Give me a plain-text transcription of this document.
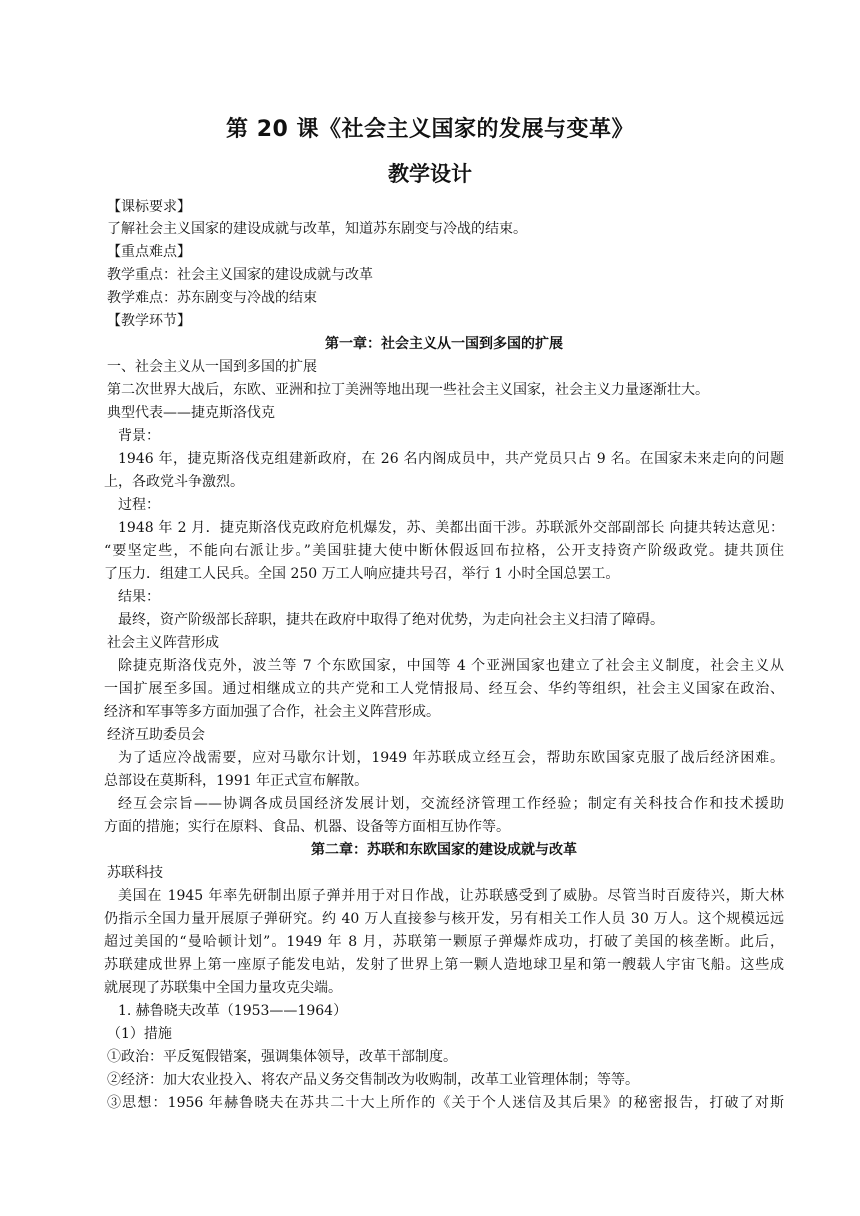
第 20 课《社会主义国家的发展与变革》
教学设计
【课标要求】
了解社会主义国家的建设成就与改革，知道苏东剧变与冷战的结束。
【重点难点】
教学重点：社会主义国家的建设成就与改革
教学难点：苏东剧变与冷战的结束
【教学环节】
第一章：社会主义从一国到多国的扩展
一、社会主义从一国到多国的扩展
第二次世界大战后，东欧、亚洲和拉丁美洲等地出现一些社会主义国家，社会主义力量逐渐壮大。
典型代表——捷克斯洛伐克
背景：
1946 年，捷克斯洛伐克组建新政府，在 26 名内阁成员中，共产党员只占 9 名。在国家未来走向的问题
上，各政党斗争激烈。
过程：
1948 年 2 月．捷克斯洛伐克政府危机爆发，苏、美都出面干涉。苏联派外交部副部长 向捷共转达意见：
“要坚定些，不能向右派让步。”美国驻捷大使中断休假返回布拉格，公开支持资产阶级政党。捷共顶住
了压力．组建工人民兵。全国 250 万工人响应捷共号召，举行 1 小时全国总罢工。
结果：
最终，资产阶级部长辞职，捷共在政府中取得了绝对优势，为走向社会主义扫清了障碍。
社会主义阵营形成
除捷克斯洛伐克外，波兰等 7 个东欧国家，中国等 4 个亚洲国家也建立了社会主义制度，社会主义从
一国扩展至多国。通过相继成立的共产党和工人党情报局、经互会、华约等组织，社会主义国家在政治、
经济和军事等多方面加强了合作，社会主义阵营形成。
经济互助委员会
为了适应冷战需要，应对马歇尔计划，1949 年苏联成立经互会，帮助东欧国家克服了战后经济困难。
总部设在莫斯科，1991 年正式宣布解散。
经互会宗旨——协调各成员国经济发展计划，交流经济管理工作经验；制定有关科技合作和技术援助
方面的措施；实行在原料、食品、机器、设备等方面相互协作等。
第二章：苏联和东欧国家的建设成就与改革
苏联科技
美国在 1945 年率先研制出原子弹并用于对日作战，让苏联感受到了威胁。尽管当时百废待兴，斯大林
仍指示全国力量开展原子弹研究。约 40 万人直接参与核开发，另有相关工作人员 30 万人。这个规模远远
超过美国的“曼哈顿计划”。1949 年 8 月，苏联第一颗原子弹爆炸成功，打破了美国的核垄断。此后，
苏联建成世界上第一座原子能发电站，发射了世界上第一颗人造地球卫星和第一艘载人宇宙飞船。这些成
就展现了苏联集中全国力量攻克尖端。
1. 赫鲁晓夫改革（1953——1964）
（1）措施
①政治：平反冤假错案，强调集体领导，改革干部制度。
②经济：加大农业投入、将农产品义务交售制改为收购制，改革工业管理体制；等等。
③思想：1956 年赫鲁晓夫在苏共二十大上所作的《关于个人迷信及其后果》的秘密报告，打破了对斯
